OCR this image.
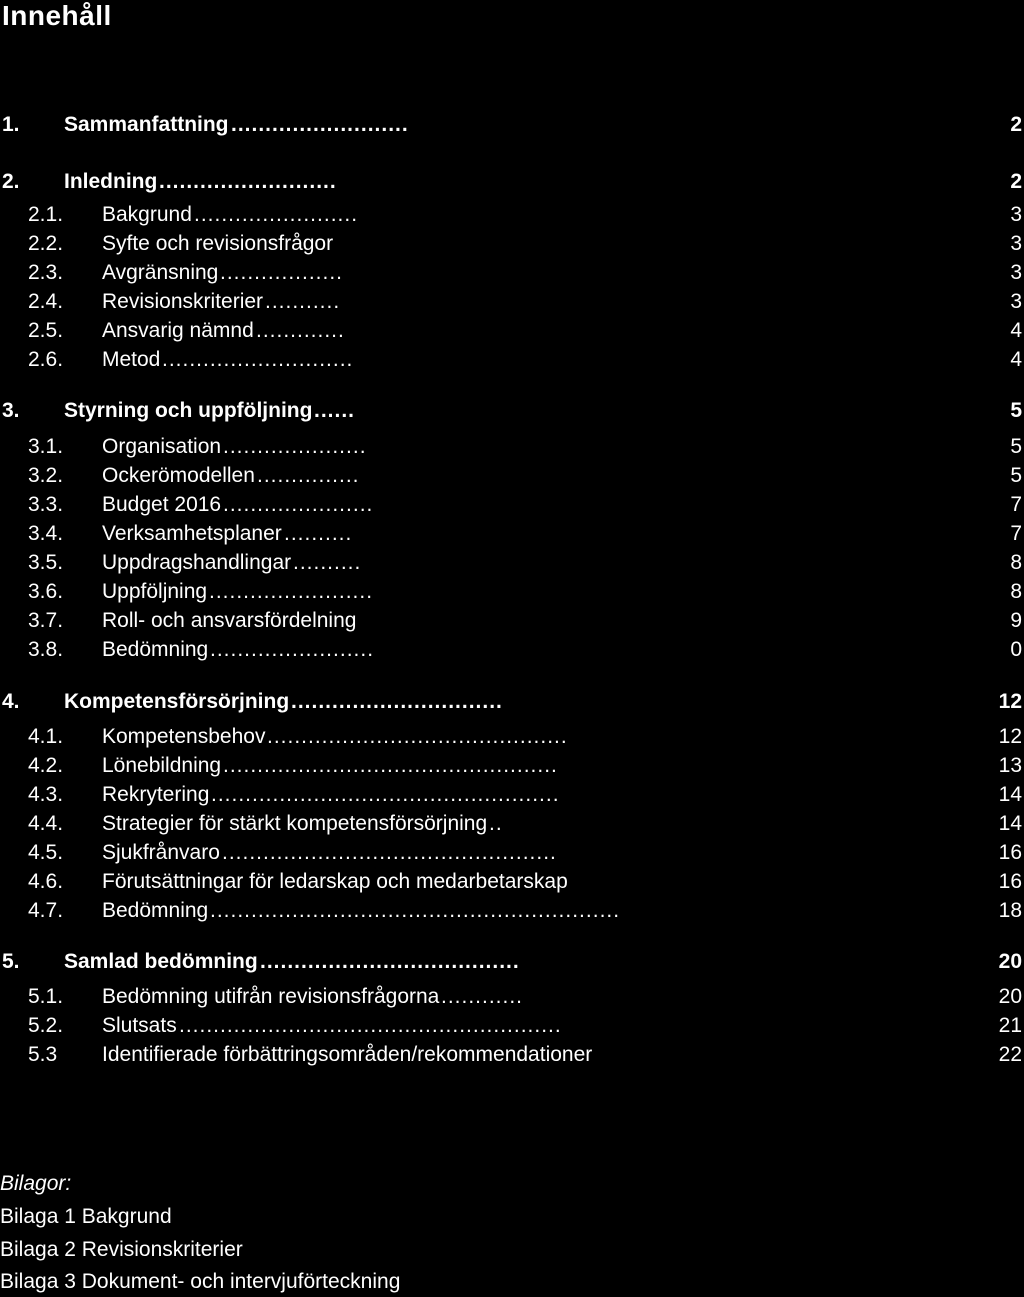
Innehåll
1. Sammanfattning	2
..........................
2. Inledning	2
..........................
2.1. Bakgrund	3
........................
2.2. Syfte och revisionsfrågor	3
2.3. Avgränsning	3
..................
2.4. Revisionskriterier	3
...........
2.5. Ansvarig nämnd	4
.............
2.6. Metod	4
............................
3. Styrning och uppföljning	5
......
3.1. Organisation	5
.....................
3.2. Ockerömodellen	5
...............
3.3. Budget 2016	7
......................
3.4. Verksamhetsplaner	7
..........
3.5. Uppdragshandlingar	8
..........
3.6. Uppföljning	8
........................
3.7. Roll- och ansvarsfördelning	9
3.8. Bedömning	0
........................
4. Kompetensförsörjning	12
...............................
4.1. Kompetensbehov	12
............................................
4.2. Lönebildning	13
.................................................
4.3. Rekrytering	14
...................................................
4.4. Strategier för stärkt kompetensförsörjning	14
..
4.5. Sjukfrånvaro	16
.................................................
4.6. Förutsättningar för ledarskap och medarbetarskap	16
4.7. Bedömning	18
............................................................
5. Samlad bedömning	20
......................................
5.1. Bedömning utifrån revisionsfrågorna	20
............
5.2. Slutsats	21
........................................................
5.3 Identifierade förbättringsområden/rekommendationer	22
Bilagor:
Bilaga 1 Bakgrund
Bilaga 2 Revisionskriterier
Bilaga 3 Dokument- och intervjuförteckning
